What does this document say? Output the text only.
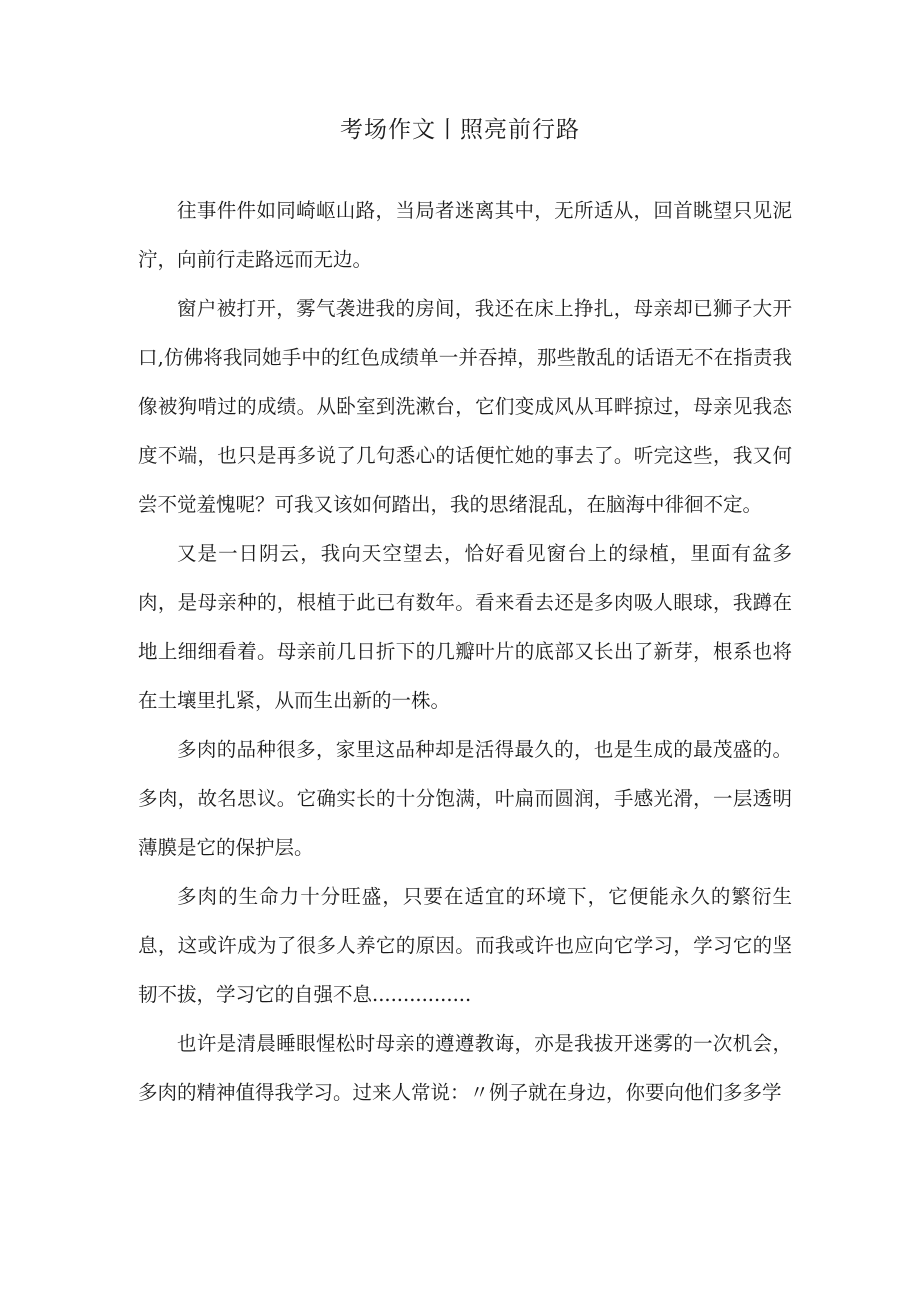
考场作文丨照亮前行路

往事件件如同崎岖山路，当局者迷离其中，无所适从，回首眺望只见泥泞，向前行走路远而无边。

窗户被打开，雾气袭进我的房间，我还在床上挣扎，母亲却已狮子大开口,仿佛将我同她手中的红色成绩单一并吞掉，那些散乱的话语无不在指责我像被狗啃过的成绩。从卧室到洗漱台，它们变成风从耳畔掠过，母亲见我态度不端，也只是再多说了几句悉心的话便忙她的事去了。听完这些，我又何尝不觉羞愧呢？可我又该如何踏出，我的思绪混乱，在脑海中徘徊不定。

又是一日阴云，我向天空望去，恰好看见窗台上的绿植，里面有盆多肉，是母亲种的，根植于此已有数年。看来看去还是多肉吸人眼球，我蹲在地上细细看着。母亲前几日折下的几瓣叶片的底部又长出了新芽，根系也将在土壤里扎紧，从而生出新的一株。

多肉的品种很多，家里这品种却是活得最久的，也是生成的最茂盛的。多肉，故名思议。它确实长的十分饱满，叶扁而圆润，手感光滑，一层透明薄膜是它的保护层。

多肉的生命力十分旺盛，只要在适宜的环境下，它便能永久的繁衍生息，这或许成为了很多人养它的原因。而我或许也应向它学习，学习它的坚韧不拔，学习它的自强不息................

也许是清晨睡眼惺松时母亲的遵遵教诲，亦是我拔开迷雾的一次机会，多肉的精神值得我学习。过来人常说：〃例子就在身边，你要向他们多多学
